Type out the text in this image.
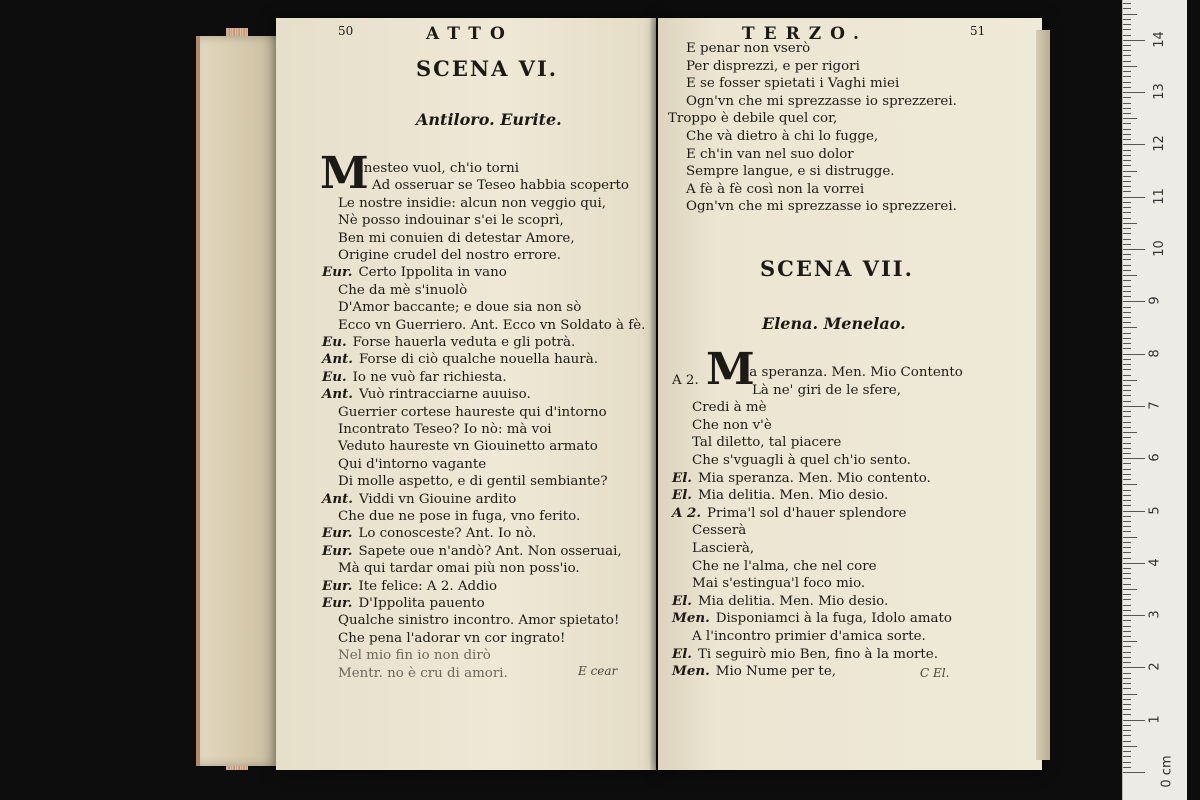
50	ATTO
SCENA VI.
Antiloro. Eurite.
M
Enesteo vuol, ch'io torni
Ad osseruar se Teseo habbia scoperto
Le nostre insidie: alcun non veggio qui,
Nè posso indouinar s'ei le scoprì,
Ben mi conuien di detestar Amore,
Origine crudel del nostro errore.
Eur. Certo Ippolita in vano
Che da mè s'inuolò
D'Amor baccante; e doue sia non sò
Ecco vn Guerriero. Ant. Ecco vn Soldato à fè.
Eu. Forse hauerla veduta e gli potrà.
Ant. Forse di ciò qualche nouella haurà.
Eu. Io ne vuò far richiesta.
Ant. Vuò rintracciarne auuiso.
Guerrier cortese haureste qui d'intorno
Incontrato Teseo? Io nò: mà voi
Veduto haureste vn Giouinetto armato
Qui d'intorno vagante
Di molle aspetto, e di gentil sembiante?
Ant. Viddi vn Giouine ardito
Che due ne pose in fuga, vno ferito.
Eur. Lo conosceste? Ant. Io nò.
Eur. Sapete oue n'andò? Ant. Non osseruai,
Mà qui tardar omai più non poss'io.
Eur. Ite felice: A 2. Addio
Eur. D'Ippolita pauento
Qualche sinistro incontro. Amor spietato!
Che pena l'adorar vn cor ingrato!
Nel mio fin io non dirò
Mentr. no è cru di amori.	E cear
TERZO.	51
E penar non vserò
Per disprezzi, e per rigori
E se fosser spietati i Vaghi miei
Ogn'vn che mi sprezzasse io sprezzerei.
Troppo è debile quel cor,
Che và dietro à chi lo fugge,
E ch'in van nel suo dolor
Sempre langue, e si distrugge.
A fè à fè così non la vorrei
Ogn'vn che mi sprezzasse io sprezzerei.
SCENA VII.
Elena. Menelao.
A 2. M
Ia speranza. Men. Mio Contento
Là ne' giri de le sfere,
Credi à mè
Che non v'è
Tal diletto, tal piacere
Che s'vguagli à quel ch'io sento.
El. Mia speranza. Men. Mio contento.
El. Mia delitia. Men. Mio desio.
A 2. Prima'l sol d'hauer splendore
Cesserà
Lascierà,
Che ne l'alma, che nel core
Mai s'estingua'l foco mio.
El. Mia delitia. Men. Mio desio.
Men. Disponiamci à la fuga, Idolo amato
A l'incontro primier d'amica sorte.
El. Ti seguirò mio Ben, fino à la morte.
Men. Mio Nume per te,	C El.
0 cm
1
2
3
4
5
6
7
8
9
10
11
12
13
14
